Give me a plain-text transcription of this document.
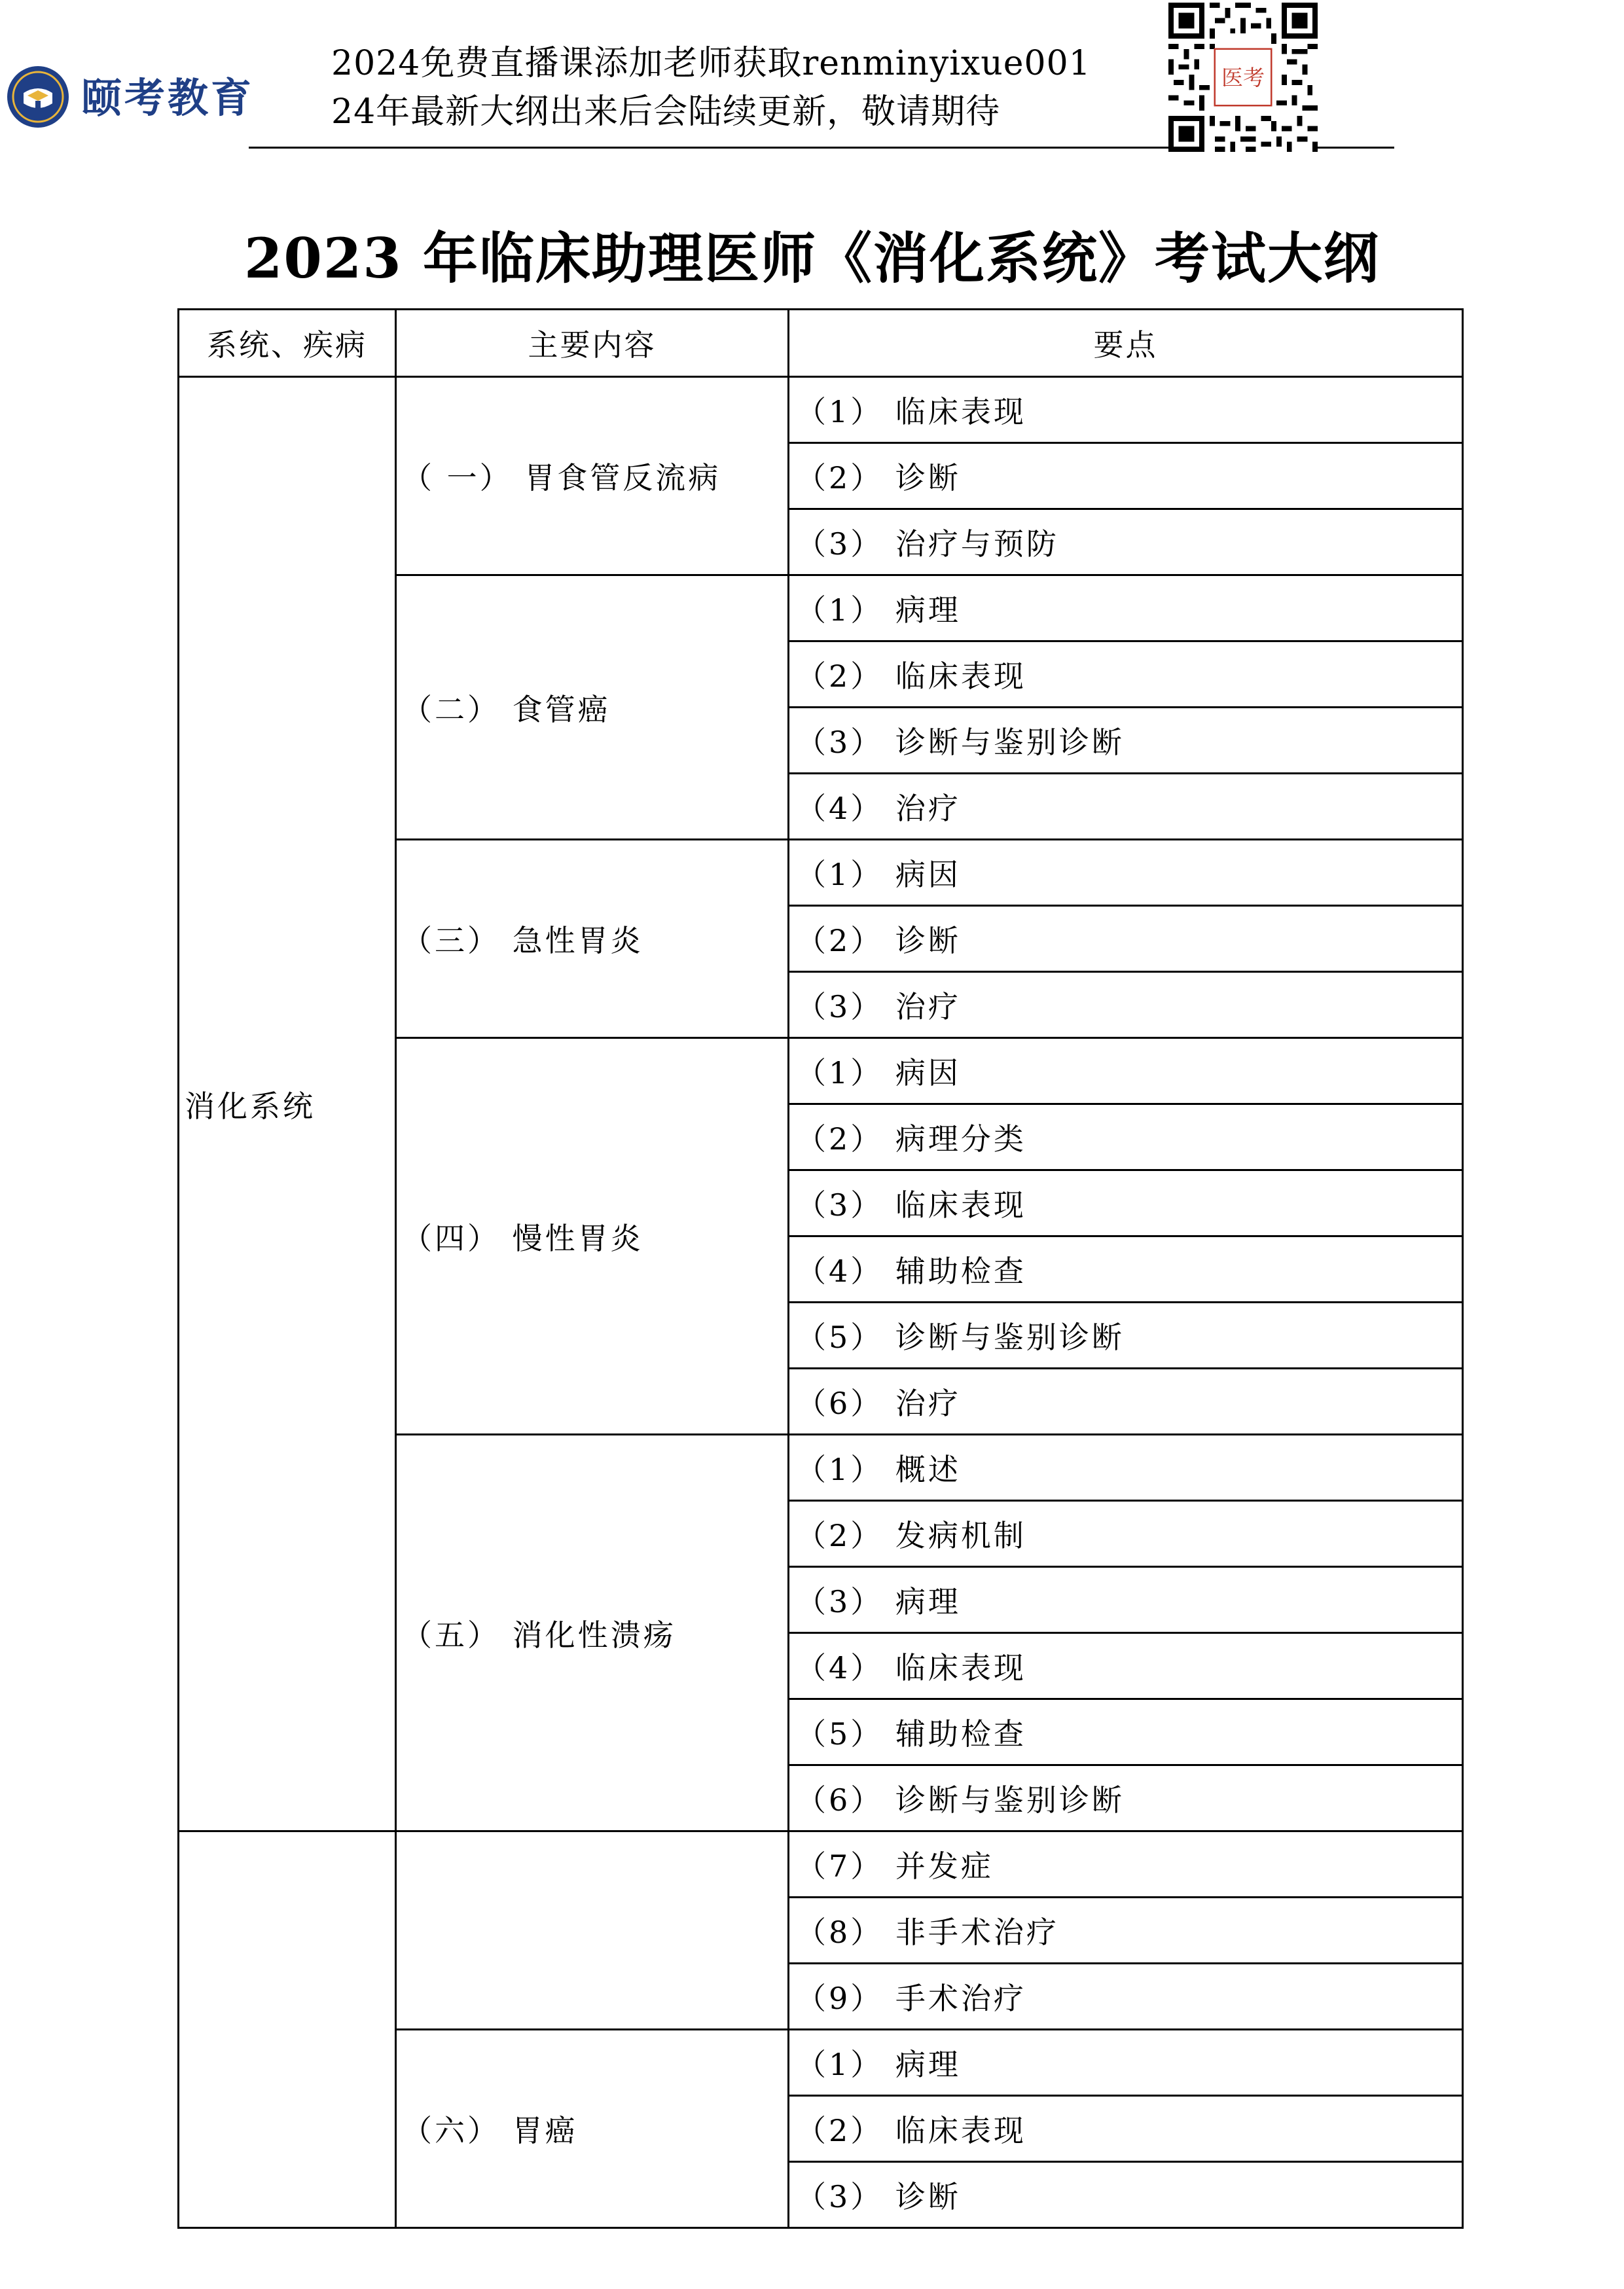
颐考教育
2024免费直播课添加老师获取renminyixue001
24年最新大纲出来后会陆续更新，敬请期待
医考
2023 年临床助理医师《消化系统》考试大纲
系统、疾病	主要内容	要点
消化系统	（ 一） 胃食管反流病	（1） 临床表现
		（2） 诊断
		（3） 治疗与预防
	（二） 食管癌	（1） 病理
		（2） 临床表现
		（3） 诊断与鉴别诊断
		（4） 治疗
	（三） 急性胃炎	（1） 病因
		（2） 诊断
		（3） 治疗
	（四） 慢性胃炎	（1） 病因
		（2） 病理分类
		（3） 临床表现
		（4） 辅助检查
		（5） 诊断与鉴别诊断
		（6） 治疗
	（五） 消化性溃疡	（1） 概述
		（2） 发病机制
		（3） 病理
		（4） 临床表现
		（5） 辅助检查
		（6） 诊断与鉴别诊断
		（7） 并发症
		（8） 非手术治疗
		（9） 手术治疗
	（六） 胃癌	（1） 病理
		（2） 临床表现
		（3） 诊断
